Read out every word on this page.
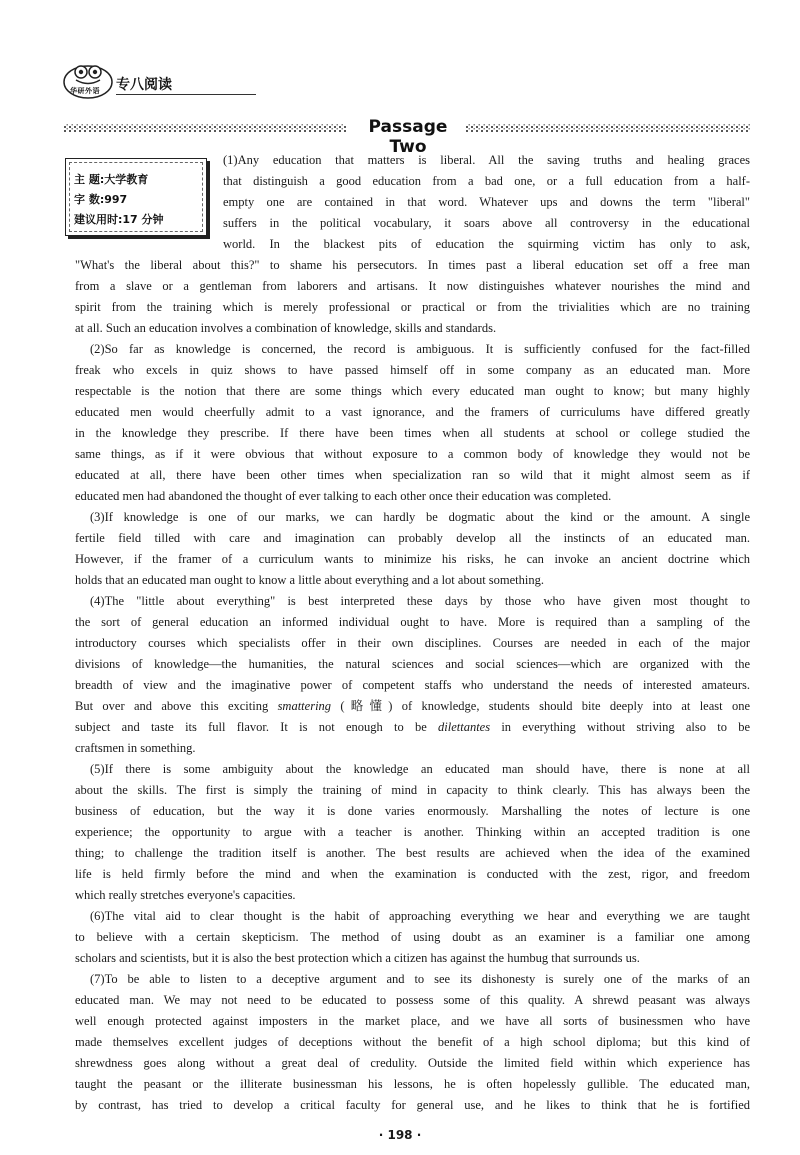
华研外语 专八阅读
Passage Two
主 题:大学教育
字 数:997
建议用时:17 分钟
(1)Any education that matters is liberal. All the saving truths and healing graces
that distinguish a good education from a bad one, or a full education from a half-
empty one are contained in that word. Whatever ups and downs the term "liberal"
suffers in the political vocabulary, it soars above all controversy in the educational
world. In the blackest pits of education the squirming victim has only to ask,
"What's the liberal about this?" to shame his persecutors. In times past a liberal education set off a free man
from a slave or a gentleman from laborers and artisans. It now distinguishes whatever nourishes the mind and
spirit from the training which is merely professional or practical or from the trivialities which are no training
at all. Such an education involves a combination of knowledge, skills and standards.
(2)So far as knowledge is concerned, the record is ambiguous. It is sufficiently confused for the fact-filled
freak who excels in quiz shows to have passed himself off in some company as an educated man. More
respectable is the notion that there are some things which every educated man ought to know; but many highly
educated men would cheerfully admit to a vast ignorance, and the framers of curriculums have differed greatly
in the knowledge they prescribe. If there have been times when all students at school or college studied the
same things, as if it were obvious that without exposure to a common body of knowledge they would not be
educated at all, there have been other times when specialization ran so wild that it might almost seem as if
educated men had abandoned the thought of ever talking to each other once their education was completed.
(3)If knowledge is one of our marks, we can hardly be dogmatic about the kind or the amount. A single
fertile field tilled with care and imagination can probably develop all the instincts of an educated man.
However, if the framer of a curriculum wants to minimize his risks, he can invoke an ancient doctrine which
holds that an educated man ought to know a little about everything and a lot about something.
(4)The "little about everything" is best interpreted these days by those who have given most thought to
the sort of general education an informed individual ought to have. More is required than a sampling of the
introductory courses which specialists offer in their own disciplines. Courses are needed in each of the major
divisions of knowledge—the humanities, the natural sciences and social sciences—which are organized with the
breadth of view and the imaginative power of competent staffs who understand the needs of interested amateurs.
But over and above this exciting smattering (略懂) of knowledge, students should bite deeply into at least one
subject and taste its full flavor. It is not enough to be dilettantes in everything without striving also to be
craftsmen in something.
(5)If there is some ambiguity about the knowledge an educated man should have, there is none at all
about the skills. The first is simply the training of mind in capacity to think clearly. This has always been the
business of education, but the way it is done varies enormously. Marshalling the notes of lecture is one
experience; the opportunity to argue with a teacher is another. Thinking within an accepted tradition is one
thing; to challenge the tradition itself is another. The best results are achieved when the idea of the examined
life is held firmly before the mind and when the examination is conducted with the zest, rigor, and freedom
which really stretches everyone's capacities.
(6)The vital aid to clear thought is the habit of approaching everything we hear and everything we are taught
to believe with a certain skepticism. The method of using doubt as an examiner is a familiar one among
scholars and scientists, but it is also the best protection which a citizen has against the humbug that surrounds us.
(7)To be able to listen to a deceptive argument and to see its dishonesty is surely one of the marks of an
educated man. We may not need to be educated to possess some of this quality. A shrewd peasant was always
well enough protected against imposters in the market place, and we have all sorts of businessmen who have
made themselves excellent judges of deceptions without the benefit of a high school diploma; but this kind of
shrewdness goes along without a great deal of credulity. Outside the limited field within which experience has
taught the peasant or the illiterate businessman his lessons, he is often hopelessly gullible. The educated man,
by contrast, has tried to develop a critical faculty for general use, and he likes to think that he is fortified
· 198 ·
